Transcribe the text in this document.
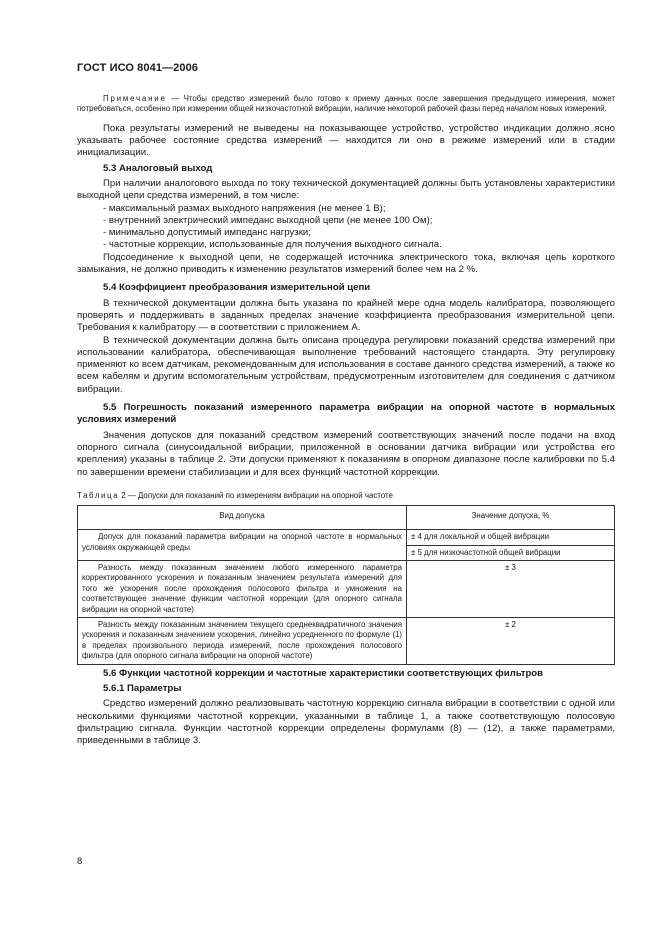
ГОСТ ИСО 8041—2006

Примечание — Чтобы средство измерений было готово к приему данных после завершения предыдущего измерения, может потребоваться, особенно при измерении общей низкочастотной вибрации, наличие некоторой рабочей фазы перед началом новых измерений.

Пока результаты измерений не выведены на показывающее устройство, устройство индикации должно ясно указывать рабочее состояние средства измерений — находится ли оно в режиме измерений или в стадии инициализации.

5.3 Аналоговый выход

При наличии аналогового выхода по току технической документацией должны быть установлены характеристики выходной цепи средства измерений, в том числе:

- максимальный размах выходного напряжения (не менее 1 В);

- внутренний электрический импеданс выходной цепи (не менее 100 Ом);

- минимально допустимый импеданс нагрузки;

- частотные коррекции, использованные для получения выходного сигнала.

Подсоединение к выходной цепи, не содержащей источника электрического тока, включая цепь короткого замыкания, не должно приводить к изменению результатов измерений более чем на 2 %.

5.4 Коэффициент преобразования измерительной цепи

В технической документации должна быть указана по крайней мере одна модель калибратора, позволяющего проверять и поддерживать в заданных пределах значение коэффициента преобразования измерительной цепи. Требования к калибратору — в соответствии с приложением А.

В технической документации должна быть описана процедура регулировки показаний средства измерений при использовании калибратора, обеспечивающая выполнение требований настоящего стандарта. Эту регулировку применяют ко всем датчикам, рекомендованным для использования в составе данного средства измерений, а также ко всем кабелям и другим вспомогательным устройствам, предусмотренным изготовителем для соединения с датчиком вибрации.

5.5 Погрешность показаний измеренного параметра вибрации на опорной частоте в нормальных условиях измерений

Значения допусков для показаний средством измерений соответствующих значений после подачи на вход опорного сигнала (синусоидальной вибрации, приложенной в основании датчика вибрации или устройства его крепления) указаны в таблице 2. Эти допуски применяют к показаниям в опорном диапазоне после калибровки по 5.4 по завершении времени стабилизации и для всех функций частотной коррекции.

Таблица 2 — Допуски для показаний по измерениям вибрации на опорной частоте

Вид допуска	Значение допуска, %

Допуск для показаний параметра вибрации на опорной частоте в нормальных условиях окружающей среды	± 4 для локальной и общей вибрации
	± 5 для низкочастотной общей вибрации

Разность между показанным значением любого измеренного параметра корректированного ускорения и показанным значением результата измерений для того же ускорения после прохождения полосового фильтра и умножения на соответствующее значение функции частотной коррекции (для опорного сигнала вибрации на опорной частоте)	± 3

Разность между показанным значением текущего среднеквадратичного значения ускорения и показанным значением ускорения, линейно усредненного по формуле (1) в пределах произвольного периода измерений, после прохождения полосового фильтра (для опорного сигнала вибрации на опорной частоте)	± 2

5.6 Функции частотной коррекции и частотные характеристики соответствующих фильтров

5.6.1 Параметры

Средство измерений должно реализовывать частотную коррекцию сигнала вибрации в соответствии с одной или несколькими функциями частотной коррекции, указанными в таблице 1, а также соответствующую полосовую фильтрацию сигнала. Функции частотной коррекции определены формулами (8) — (12), а также параметрами, приведенными в таблице 3.

8
